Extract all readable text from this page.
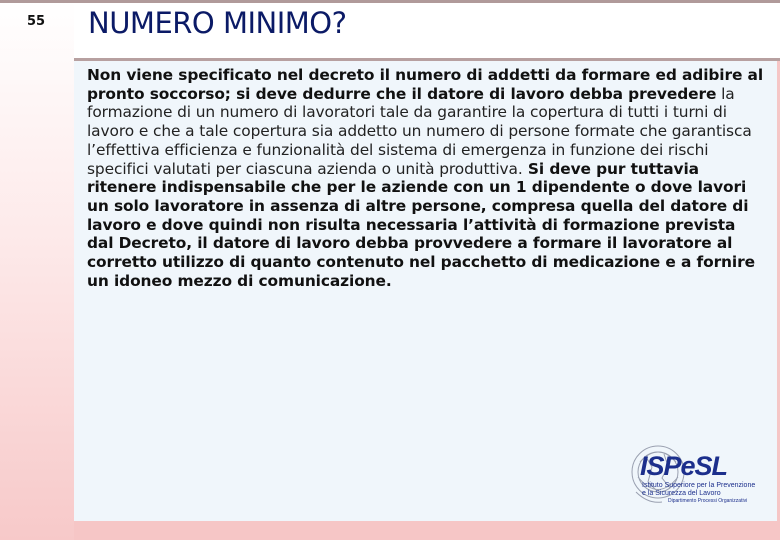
55	NUMERO MINIMO?

Non viene specificato nel decreto il numero di addetti da formare ed adibire al pronto soccorso; si deve dedurre che il datore di lavoro debba prevedere la formazione di un numero di lavoratori tale da garantire la copertura di tutti i turni di lavoro e che a tale copertura sia addetto un numero di persone formate che garantisca l’effettiva efficienza e funzionalità del sistema di emergenza in funzione dei rischi specifici valutati per ciascuna azienda o unità produttiva. Si deve pur tuttavia ritenere indispensabile che per le aziende con un 1 dipendente o dove lavori un solo lavoratore in assenza di altre persone, compresa quella del datore di lavoro e dove quindi non risulta necessaria l’attività di formazione prevista dal Decreto, il datore di lavoro debba provvedere a formare il lavoratore al corretto utilizzo di quanto contenuto nel pacchetto di medicazione e a fornire un idoneo mezzo di comunicazione.

ISPeSL
Istituto Superiore per la Prevenzione
e la Sicurezza del Lavoro
Dipartimento Processi Organizzativi
